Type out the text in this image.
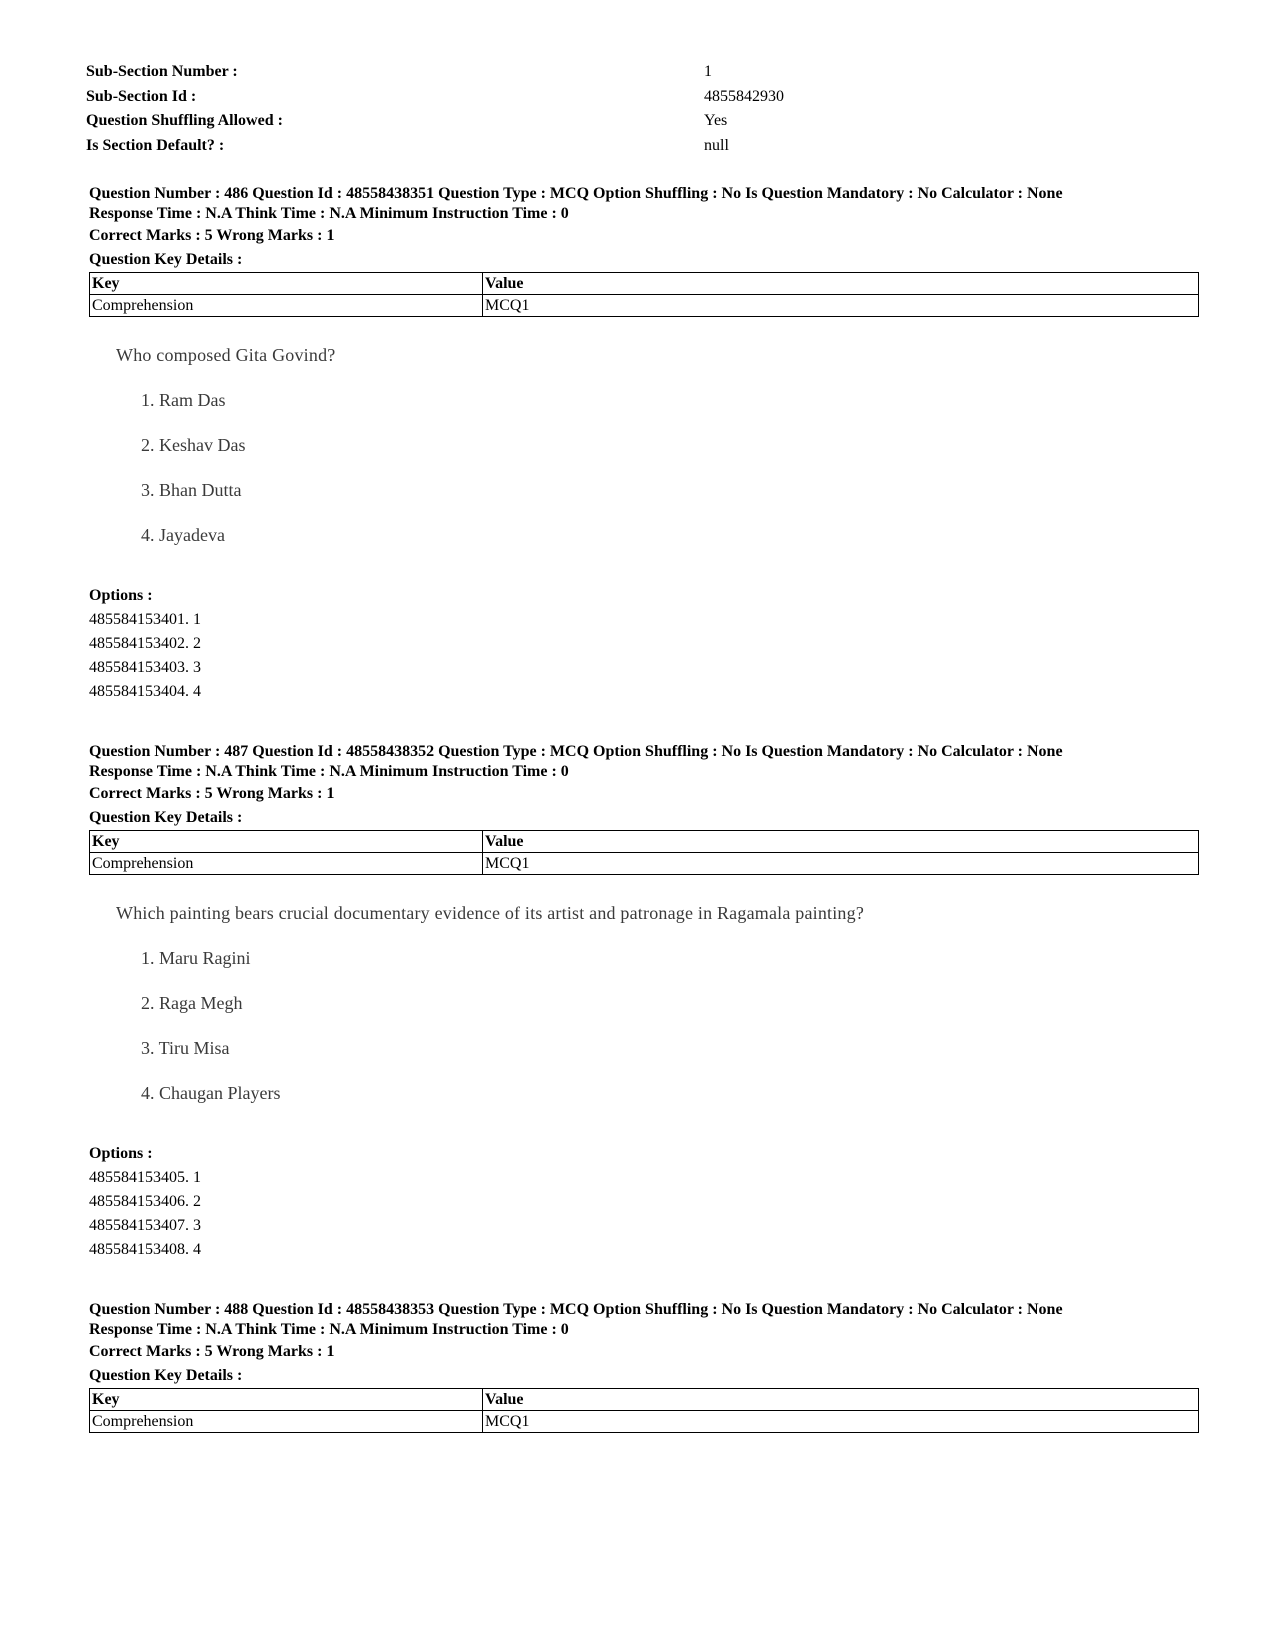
Sub-Section Number :	1
Sub-Section Id :	4855842930
Question Shuffling Allowed :	Yes
Is Section Default? :	null
Question Number : 486 Question Id : 48558438351 Question Type : MCQ Option Shuffling : No Is Question Mandatory : No Calculator : None
Response Time : N.A Think Time : N.A Minimum Instruction Time : 0
Correct Marks : 5 Wrong Marks : 1
Question Key Details :
Key	Value
Comprehension	MCQ1
Who composed Gita Govind?
1. Ram Das
2. Keshav Das
3. Bhan Dutta
4. Jayadeva
Options :
485584153401. 1
485584153402. 2
485584153403. 3
485584153404. 4
Question Number : 487 Question Id : 48558438352 Question Type : MCQ Option Shuffling : No Is Question Mandatory : No Calculator : None
Response Time : N.A Think Time : N.A Minimum Instruction Time : 0
Correct Marks : 5 Wrong Marks : 1
Question Key Details :
Key	Value
Comprehension	MCQ1
Which painting bears crucial documentary evidence of its artist and patronage in Ragamala painting?
1. Maru Ragini
2. Raga Megh
3. Tiru Misa
4. Chaugan Players
Options :
485584153405. 1
485584153406. 2
485584153407. 3
485584153408. 4
Question Number : 488 Question Id : 48558438353 Question Type : MCQ Option Shuffling : No Is Question Mandatory : No Calculator : None
Response Time : N.A Think Time : N.A Minimum Instruction Time : 0
Correct Marks : 5 Wrong Marks : 1
Question Key Details :
Key	Value
Comprehension	MCQ1
